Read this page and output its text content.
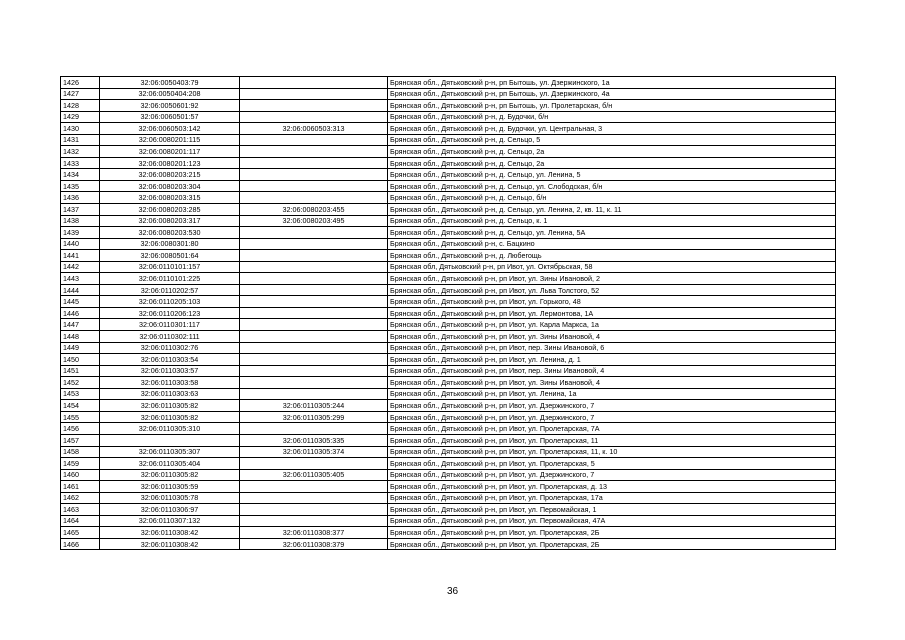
1426	32:06:0050403:79		Брянская обл., Дятьковский р-н, рп Бытошь, ул. Дзержинского, 1а
1427	32:06:0050404:208		Брянская обл., Дятьковский р-н, рп Бытошь, ул. Дзержинского, 4а
1428	32:06:0050601:92		Брянская обл., Дятьковский р-н, рп Бытошь, ул. Пролетарская, б/н
1429	32:06:0060501:57		Брянская обл., Дятьковский р-н, д. Будочки, б/н
1430	32:06:0060503:142	32:06:0060503:313	Брянская обл., Дятьковский р-н, д. Будочки, ул. Центральная, 3
1431	32:06:0080201:115		Брянская обл., Дятьковский р-н, д. Сельцо, 5
1432	32:06:0080201:117		Брянская обл., Дятьковский р-н, д. Сельцо, 2а
1433	32:06:0080201:123		Брянская обл., Дятьковский р-н, д. Сельцо, 2а
1434	32:06:0080203:215		Брянская обл., Дятьковский р-н, д. Сельцо, ул. Ленина, 5
1435	32:06:0080203:304		Брянская обл., Дятьковский р-н, д. Сельцо, ул. Слободская, б/н
1436	32:06:0080203:315		Брянская обл., Дятьковский р-н, д. Сельцо, б/н
1437	32:06:0080203:285	32:06:0080203:455	Брянская обл., Дятьковский р-н, д. Сельцо, ул. Ленина, 2, кв. 11, к. 11
1438	32:06:0080203:317	32:06:0080203:495	Брянская обл., Дятьковский р-н, д. Сельцо, к. 1
1439	32:06:0080203:530		Брянская обл., Дятьковский р-н, д. Сельцо, ул. Ленина, 5А
1440	32:06:0080301:80		Брянская обл., Дятьковский р-н, с. Бацкино
1441	32:06:0080501:64		Брянская обл., Дятьковский р-н, д. Любегощь
1442	32:06:0110101:157		Брянская обл, Дятьковский р-н, рп Ивот, ул. Октябрьская, 58
1443	32:06:0110101:225		Брянская обл., Дятьковский р-н, рп Ивот, ул. Зины Ивановой, 2
1444	32:06:0110202:57		Брянская обл., Дятьковский р-н, рп Ивот, ул. Льва Толстого, 52
1445	32:06:0110205:103		Брянская обл., Дятьковский р-н, рп Ивот, ул. Горького, 48
1446	32:06:0110206:123		Брянская обл., Дятьковский р-н, рп Ивот, ул. Лермонтова, 1А
1447	32:06:0110301:117		Брянская обл., Дятьковский р-н, рп Ивот, ул. Карла Маркса, 1а
1448	32:06:0110302:111		Брянская обл., Дятьковский р-н, рп Ивот, ул. Зины Ивановой, 4
1449	32:06:0110302:76		Брянская обл., Дятьковский р-н, рп Ивот, пер. Зины Ивановой, 6
1450	32:06:0110303:54		Брянская обл., Дятьковский р-н, рп Ивот, ул. Ленина, д. 1
1451	32:06:0110303:57		Брянская обл., Дятьковский р-н, рп Ивот, пер. Зины Ивановой, 4
1452	32:06:0110303:58		Брянская обл., Дятьковский р-н, рп Ивот, ул. Зины Ивановой, 4
1453	32:06:0110303:63		Брянская обл., Дятьковский р-н, рп Ивот, ул. Ленина, 1а
1454	32:06:0110305:82	32:06:0110305:244	Брянская обл., Дятьковский р-н, рп Ивот, ул. Дзержинского, 7
1455	32:06:0110305:82	32:06:0110305:299	Брянская обл., Дятьковский р-н, рп Ивот, ул. Дзержинского, 7
1456	32:06:0110305:310		Брянская обл., Дятьковский р-н, рп Ивот, ул. Пролетарская, 7А
1457		32:06:0110305:335	Брянская обл., Дятьковский р-н, рп Ивот, ул. Пролетарская, 11
1458	32:06:0110305:307	32:06:0110305:374	Брянская обл., Дятьковский р-н, рп Ивот, ул. Пролетарская, 11, к. 10
1459	32:06:0110305:404		Брянская обл., Дятьковский р-н, рп Ивот, ул. Пролетарская, 5
1460	32:06:0110305:82	32:06:0110305:405	Брянская обл., Дятьковский р-н, рп Ивот, ул. Дзержинского, 7
1461	32:06:0110305:59		Брянская обл., Дятьковский р-н, рп Ивот, ул. Пролетарская, д. 13
1462	32:06:0110305:78		Брянская обл., Дятьковский р-н, рп Ивот, ул. Пролетарская, 17а
1463	32:06:0110306:97		Брянская обл., Дятьковский р-н, рп Ивот, ул. Первомайская, 1
1464	32:06:0110307:132		Брянская обл., Дятьковский р-н, рп Ивот, ул. Первомайская, 47А
1465	32:06:0110308:42	32:06:0110308:377	Брянская обл., Дятьковский р-н, рп Ивот, ул. Пролетарская, 2Б
1466	32:06:0110308:42	32:06:0110308:379	Брянская обл., Дятьковский р-н, рп Ивот, ул. Пролетарская, 2Б
36
